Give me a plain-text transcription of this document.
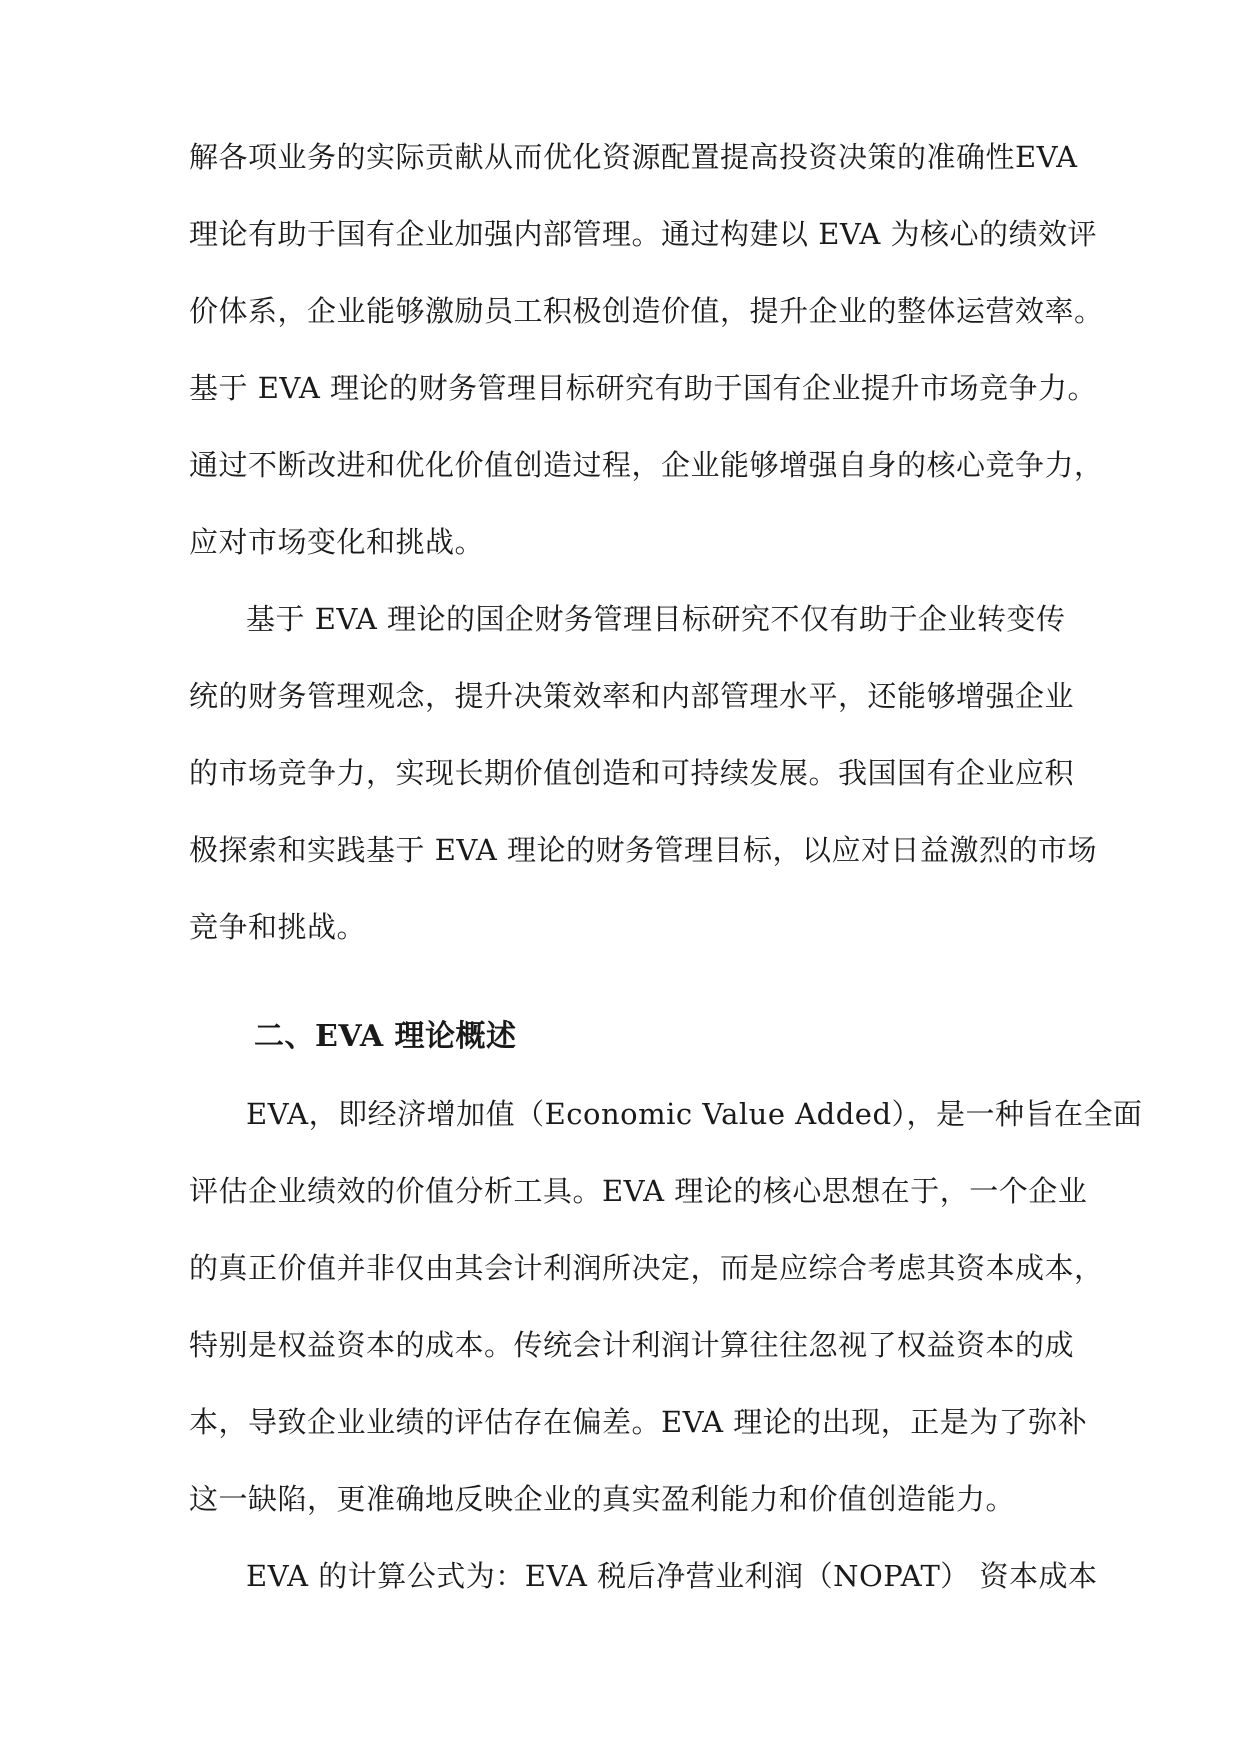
解各项业务的实际贡献从而优化资源配置提高投资决策的准确性EVA
理论有助于国有企业加强内部管理。通过构建以 EVA 为核心的绩效评
价体系，企业能够激励员工积极创造价值，提升企业的整体运营效率。
基于 EVA 理论的财务管理目标研究有助于国有企业提升市场竞争力。
通过不断改进和优化价值创造过程，企业能够增强自身的核心竞争力，
应对市场变化和挑战。
基于 EVA 理论的国企财务管理目标研究不仅有助于企业转变传
统的财务管理观念，提升决策效率和内部管理水平，还能够增强企业
的市场竞争力，实现长期价值创造和可持续发展。我国国有企业应积
极探索和实践基于 EVA 理论的财务管理目标，以应对日益激烈的市场
竞争和挑战。
二、EVA 理论概述
EVA，即经济增加值（Economic Value Added），是一种旨在全面
评估企业绩效的价值分析工具。EVA 理论的核心思想在于，一个企业
的真正价值并非仅由其会计利润所决定，而是应综合考虑其资本成本，
特别是权益资本的成本。传统会计利润计算往往忽视了权益资本的成
本，导致企业业绩的评估存在偏差。EVA 理论的出现，正是为了弥补
这一缺陷，更准确地反映企业的真实盈利能力和价值创造能力。
EVA 的计算公式为：EVA 税后净营业利润（NOPAT） 资本成本
